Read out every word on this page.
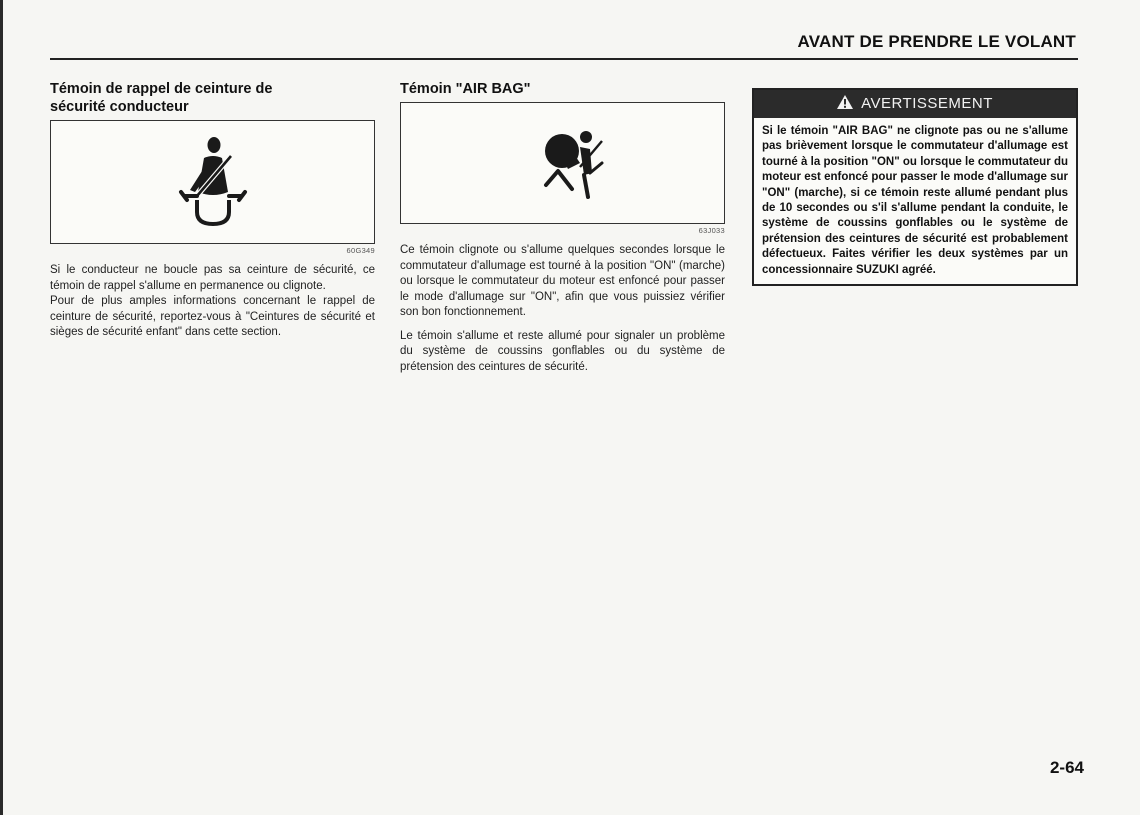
AVANT DE PRENDRE LE VOLANT
Témoin de rappel de ceinture de
sécurité conducteur
60G349

Si le conducteur ne boucle pas sa ceinture de sécurité, ce témoin de rappel s'allume en permanence ou clignote.

Pour de plus amples informations concernant le rappel de ceinture de sécurité, reportez-vous à "Ceintures de sécurité et sièges de sécurité enfant" dans cette section.

Témoin "AIR BAG"
63J033

Ce témoin clignote ou s'allume quelques secondes lorsque le commutateur d'allumage est tourné à la position "ON" (marche) ou lorsque le commutateur du moteur est enfoncé pour passer le mode d'allumage sur "ON", afin que vous puissiez vérifier son bon fonctionnement.

Le témoin s'allume et reste allumé pour signaler un problème du système de coussins gonflables ou du système de prétension des ceintures de sécurité.

AVERTISSEMENT
Si le témoin "AIR BAG" ne clignote pas ou ne s'allume pas brièvement lorsque le commutateur d'allumage est tourné à la position "ON" ou lorsque le commutateur du moteur est enfoncé pour passer le mode d'allumage sur "ON" (marche), si ce témoin reste allumé pendant plus de 10 secondes ou s'il s'allume pendant la conduite, le système de coussins gonflables ou le système de prétension des ceintures de sécurité est probablement défectueux. Faites vérifier les deux systèmes par un concessionnaire SUZUKI agréé.
2-64
